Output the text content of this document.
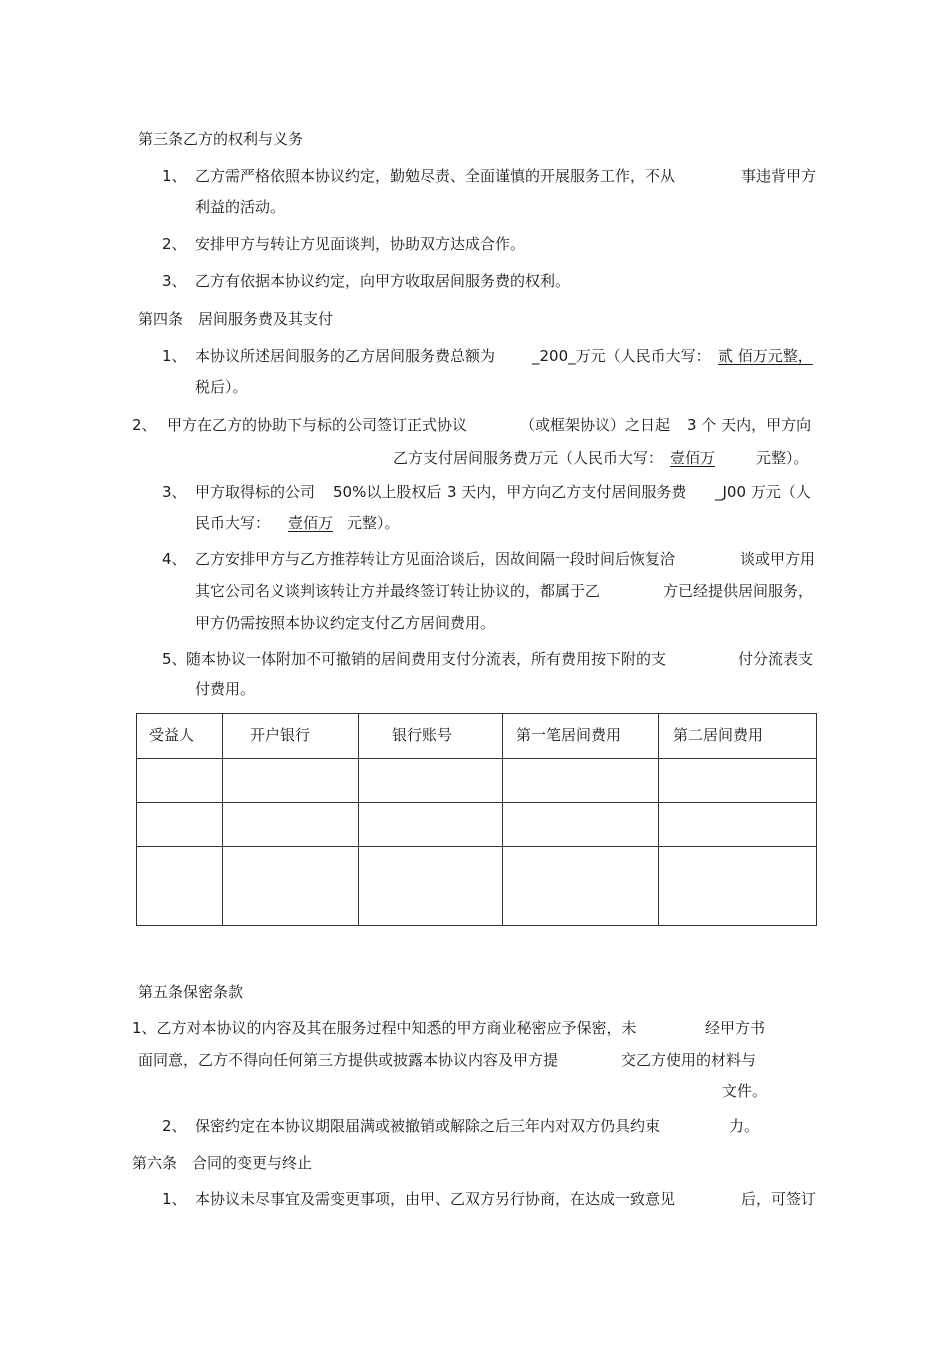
第三条乙方的权利与义务
1、 乙方需严格依照本协议约定，勤勉尽责、全面谨慎的开展服务工作，不从	事违背甲方
利益的活动。
2、 安排甲方与转让方见面谈判，协助双方达成合作。
3、 乙方有依据本协议约定，向甲方收取居间服务费的权利。
第四条　居间服务费及其支付
1、 本协议所述居间服务的乙方居间服务费总额为 _200_万元（人民币大写： 贰 佰万元整，
税后）。
2、 甲方在乙方的协助下与标的公司签订正式协议	（或框架协议）之日起 3 个 天内，甲方向
乙方支付居间服务费万元（人民币大写： 壹佰万	元整）。
3、 甲方取得标的公司 50%以上股权后 3 天内，甲方向乙方支付居间服务费 _J00 万元（人
民币大写： 壹佰万 元整）。
4、 乙方安排甲方与乙方推荐转让方见面洽谈后，因故间隔一段时间后恢复洽	谈或甲方用
其它公司名义谈判该转让方并最终签订转让协议的，都属于乙	方已经提供居间服务，
甲方仍需按照本协议约定支付乙方居间费用。
5、 随本协议一体附加不可撤销的居间费用支付分流表，所有费用按下附的支	付分流表支
付费用。
受益人	开户银行	银行账号	第一笔居间费用	第二居间费用
第五条保密条款
1、乙方对本协议的内容及其在服务过程中知悉的甲方商业秘密应予保密，未	经甲方书
面同意，乙方不得向任何第三方提供或披露本协议内容及甲方提	交乙方使用的材料与
文件。
2、 保密约定在本协议期限届满或被撤销或解除之后三年内对双方仍具约束	力。
第六条　合同的变更与终止
1、 本协议未尽事宜及需变更事项，由甲、乙双方另行协商，在达成一致意见	后，可签订
